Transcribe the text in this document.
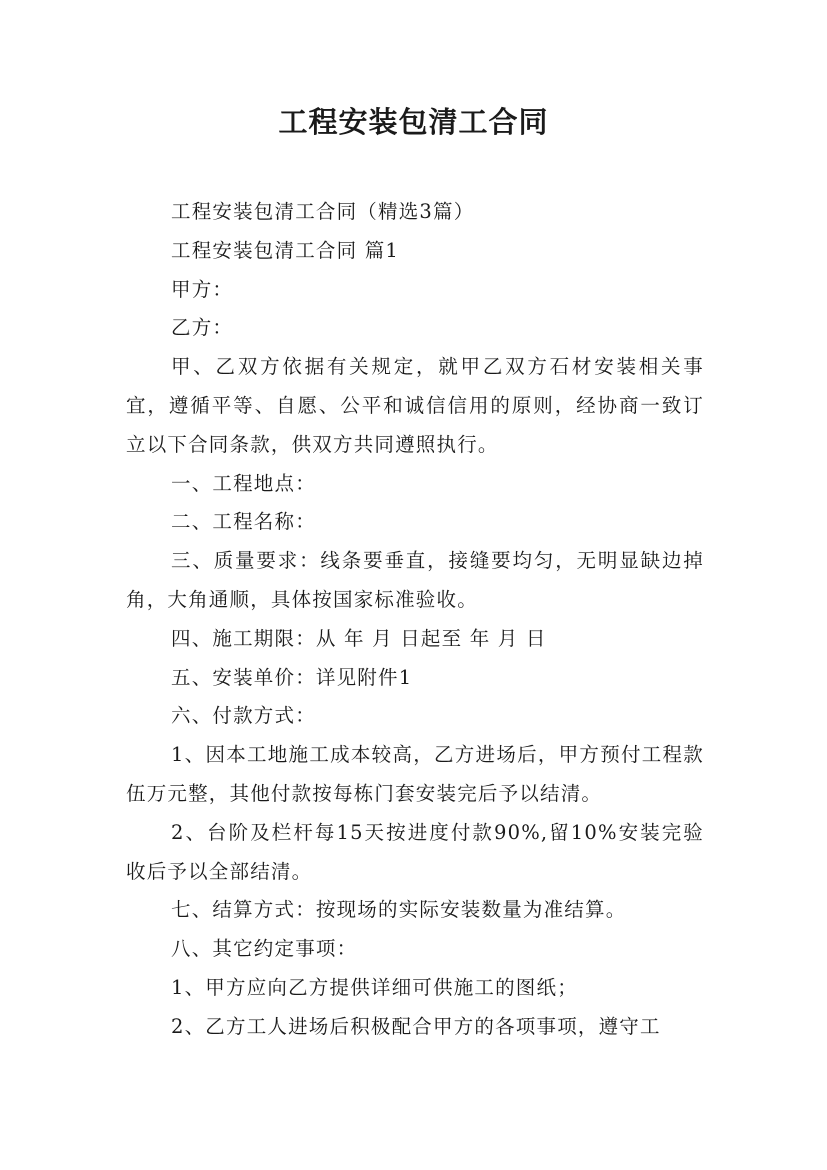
工程安装包清工合同

工程安装包清工合同（精选3篇）

工程安装包清工合同 篇1

甲方：

乙方：

甲、乙双方依据有关规定，就甲乙双方石材安装相关事宜，遵循平等、自愿、公平和诚信信用的原则，经协商一致订立以下合同条款，供双方共同遵照执行。

一、工程地点：

二、工程名称：

三、质量要求：线条要垂直，接缝要均匀，无明显缺边掉角，大角通顺，具体按国家标准验收。

四、施工期限：从 年 月 日起至 年 月 日

五、安装单价：详见附件1

六、付款方式：

1、因本工地施工成本较高，乙方进场后，甲方预付工程款伍万元整，其他付款按每栋门套安装完后予以结清。

2、台阶及栏杆每15天按进度付款90%,留10%安装完验收后予以全部结清。

七、结算方式：按现场的实际安装数量为准结算。

八、其它约定事项：

1、甲方应向乙方提供详细可供施工的图纸；

2、乙方工人进场后积极配合甲方的各项事项，遵守工
